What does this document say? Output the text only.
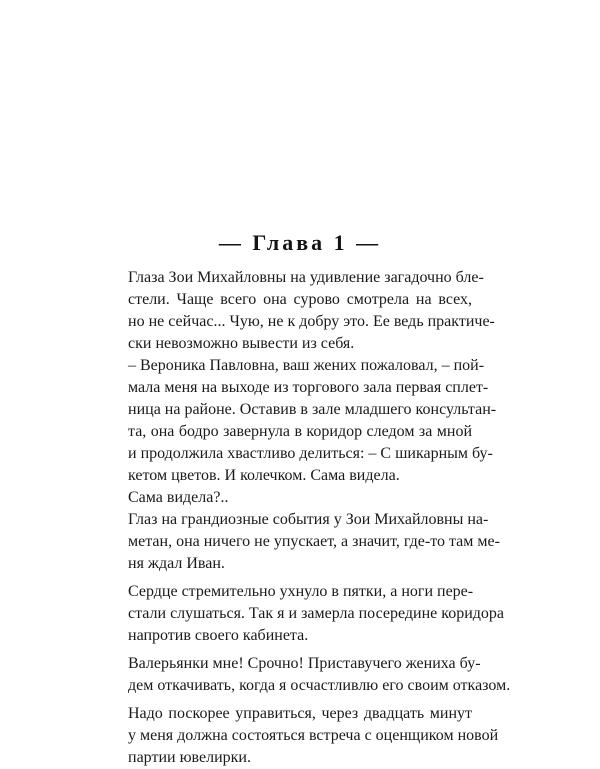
— Глава 1 —

Глаза Зои Михайловны на удивление загадочно бле-
стели. Чаще всего она сурово смотрела на всех,
но не сейчас... Чую, не к добру это. Ее ведь практиче-
ски невозможно вывести из себя.

– Вероника Павловна, ваш жених пожаловал, – пой-
мала меня на выходе из торгового зала первая сплет-
ница на районе. Оставив в зале младшего консультан-
та, она бодро завернула в коридор следом за мной
и продолжила хвастливо делиться: – С шикарным бу-
кетом цветов. И колечком. Сама видела.

Сама видела?..

Глаз на грандиозные события у Зои Михайловны на-
метан, она ничего не упускает, а значит, где-то там ме-
ня ждал Иван.

Сердце стремительно ухнуло в пятки, а ноги пере-
стали слушаться. Так я и замерла посередине коридора
напротив своего кабинета.

Валерьянки мне! Срочно! Приставучего жениха бу-
дем откачивать, когда я осчастливлю его своим отказом.

Надо поскорее управиться, через двадцать минут
у меня должна состояться встреча с оценщиком новой
партии ювелирки.
